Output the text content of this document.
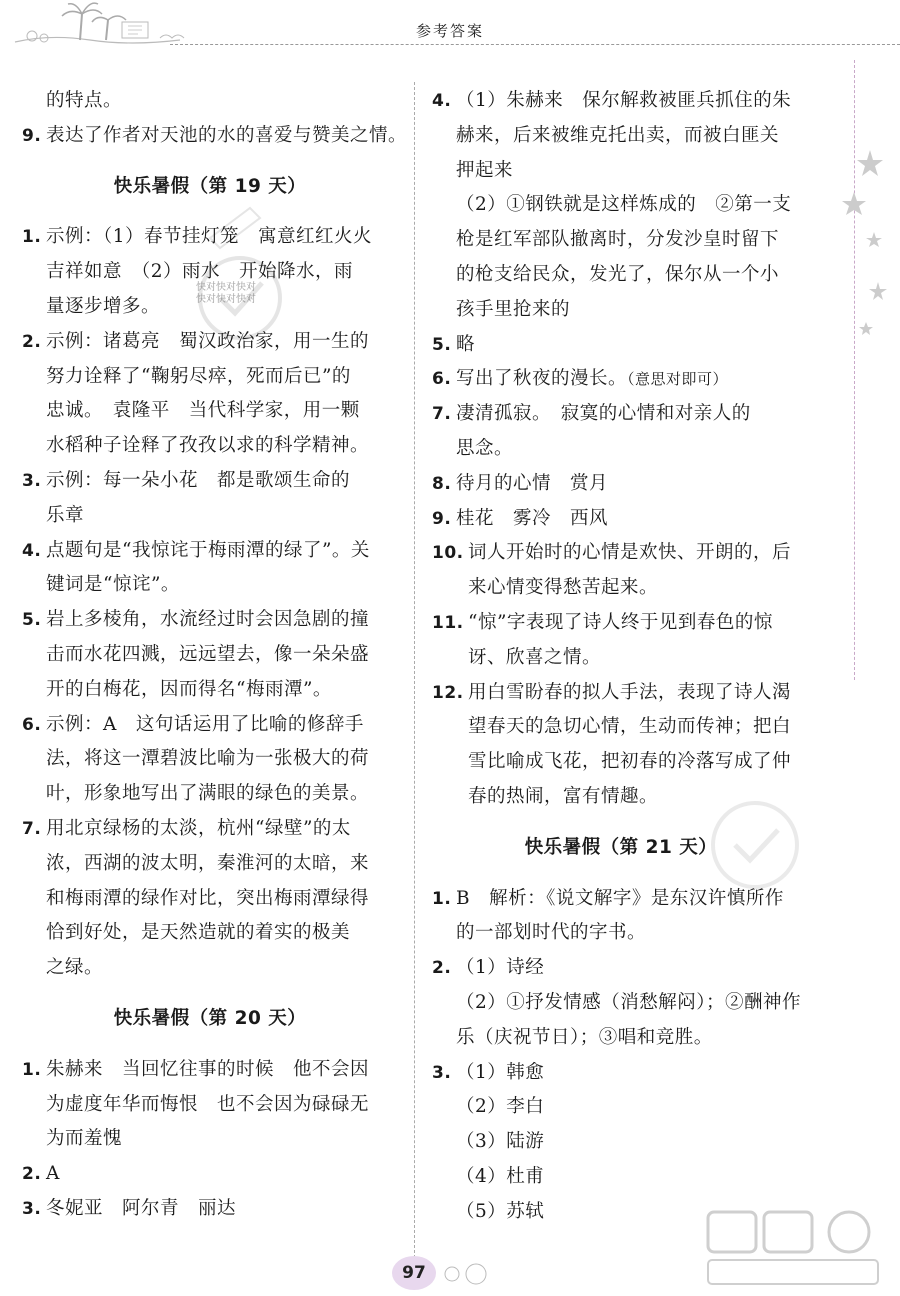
参考答案
快对快对快对
快对快对快对
的特点。
9. 表达了作者对天池的水的喜爱与赞美之情。
快乐暑假（第 19 天）
1. 示例：（1）春节挂灯笼　寓意红红火火
吉祥如意　（2）雨水　开始降水，雨
量逐步增多。
2. 示例：诸葛亮　蜀汉政治家，用一生的
努力诠释了“鞠躬尽瘁，死而后已”的
忠诚。　袁隆平　当代科学家，用一颗
水稻种子诠释了孜孜以求的科学精神。
3. 示例：每一朵小花　都是歌颂生命的
乐章
4. 点题句是“我惊诧于梅雨潭的绿了”。关
键词是“惊诧”。
5. 岩上多棱角，水流经过时会因急剧的撞
击而水花四溅，远远望去，像一朵朵盛
开的白梅花，因而得名“梅雨潭”。
6. 示例：A　这句话运用了比喻的修辞手
法，将这一潭碧波比喻为一张极大的荷
叶，形象地写出了满眼的绿色的美景。
7. 用北京绿杨的太淡，杭州“绿壁”的太
浓，西湖的波太明，秦淮河的太暗，来
和梅雨潭的绿作对比，突出梅雨潭绿得
恰到好处，是天然造就的着实的极美
之绿。
快乐暑假（第 20 天）
1. 朱赫来　当回忆往事的时候　他不会因
为虚度年华而悔恨　也不会因为碌碌无
为而羞愧
2. A
3. 冬妮亚　阿尔青　丽达
4. （1）朱赫来　保尔解救被匪兵抓住的朱
赫来，后来被维克托出卖，而被白匪关
押起来
（2）①钢铁就是这样炼成的　②第一支
枪是红军部队撤离时，分发沙皇时留下
的枪支给民众，发光了，保尔从一个小
孩手里抢来的
5. 略
6. 写出了秋夜的漫长。（意思对即可）
7. 凄清孤寂。　寂寞的心情和对亲人的
思念。
8. 待月的心情　赏月
9. 桂花　雾冷　西风
10. 词人开始时的心情是欢快、开朗的，后
来心情变得愁苦起来。
11. “惊”字表现了诗人终于见到春色的惊
讶、欣喜之情。
12. 用白雪盼春的拟人手法，表现了诗人渴
望春天的急切心情，生动而传神；把白
雪比喻成飞花，把初春的冷落写成了仲
春的热闹，富有情趣。
快乐暑假（第 21 天）
1. B　解析：《说文解字》是东汉许慎所作
的一部划时代的字书。
2. （1）诗经
（2）①抒发情感（消愁解闷）；②酬神作
乐（庆祝节日）；③唱和竞胜。
3. （1）韩愈
（2）李白
（3）陆游
（4）杜甫
（5）苏轼
97
